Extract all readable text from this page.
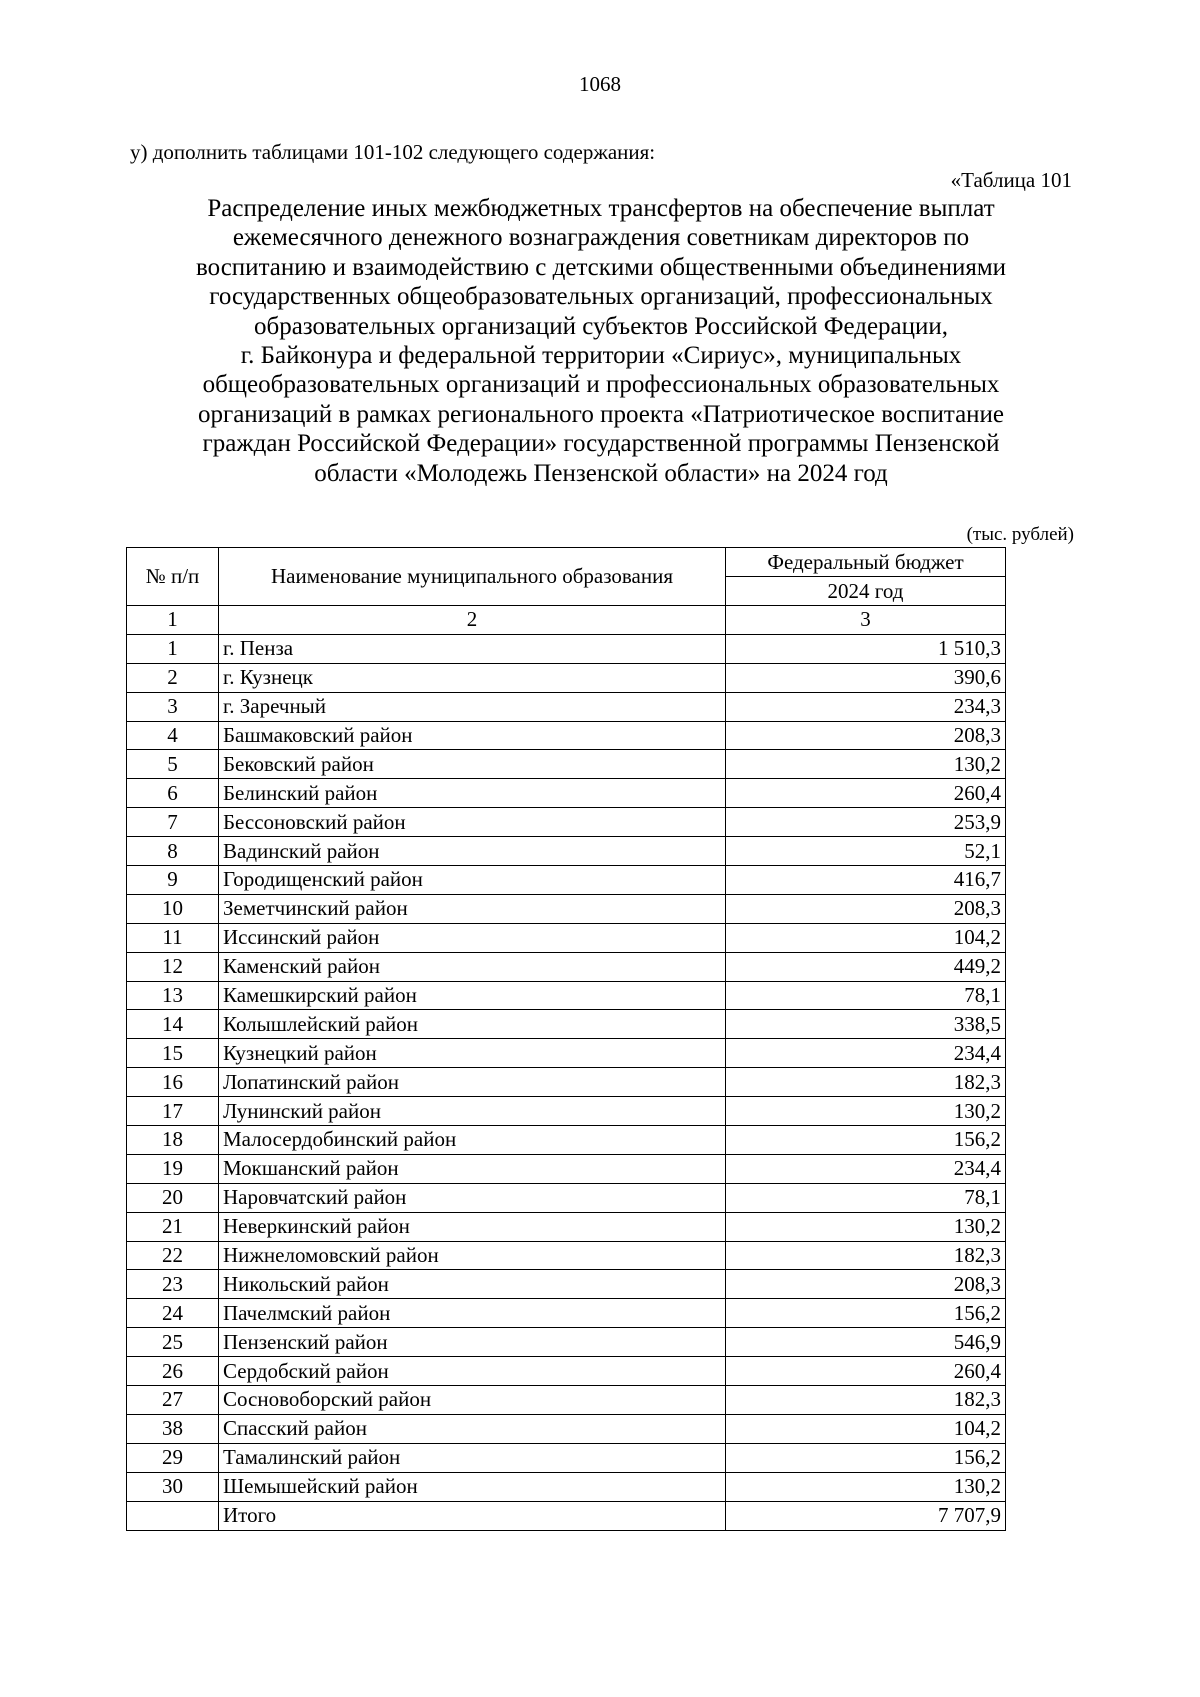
1068
у) дополнить таблицами 101-102 следующего содержания:
«Таблица 101
Распределение иных межбюджетных трансфертов на обеспечение выплат
ежемесячного денежного вознаграждения советникам директоров по
воспитанию и взаимодействию с детскими общественными объединениями
государственных общеобразовательных организаций, профессиональных
образовательных организаций субъектов Российской Федерации,
г. Байконура и федеральной территории «Сириус», муниципальных
общеобразовательных организаций и профессиональных образовательных
организаций в рамках регионального проекта «Патриотическое воспитание
граждан Российской Федерации» государственной программы Пензенской
области «Молодежь Пензенской области» на 2024 год
(тыс. рублей)
№ п/п	Наименование муниципального образования	Федеральный бюджет
		2024 год
1	2	3
1	г. Пенза	1 510,3
2	г. Кузнецк	390,6
3	г. Заречный	234,3
4	Башмаковский район	208,3
5	Бековский район	130,2
6	Белинский район	260,4
7	Бессоновский район	253,9
8	Вадинский район	52,1
9	Городищенский район	416,7
10	Земетчинский район	208,3
11	Иссинский район	104,2
12	Каменский район	449,2
13	Камешкирский район	78,1
14	Колышлейский район	338,5
15	Кузнецкий район	234,4
16	Лопатинский район	182,3
17	Лунинский район	130,2
18	Малосердобинский район	156,2
19	Мокшанский район	234,4
20	Наровчатский район	78,1
21	Неверкинский район	130,2
22	Нижнеломовский район	182,3
23	Никольский район	208,3
24	Пачелмский район	156,2
25	Пензенский район	546,9
26	Сердобский район	260,4
27	Сосновоборский район	182,3
38	Спасский район	104,2
29	Тамалинский район	156,2
30	Шемышейский район	130,2
	Итого	7 707,9
